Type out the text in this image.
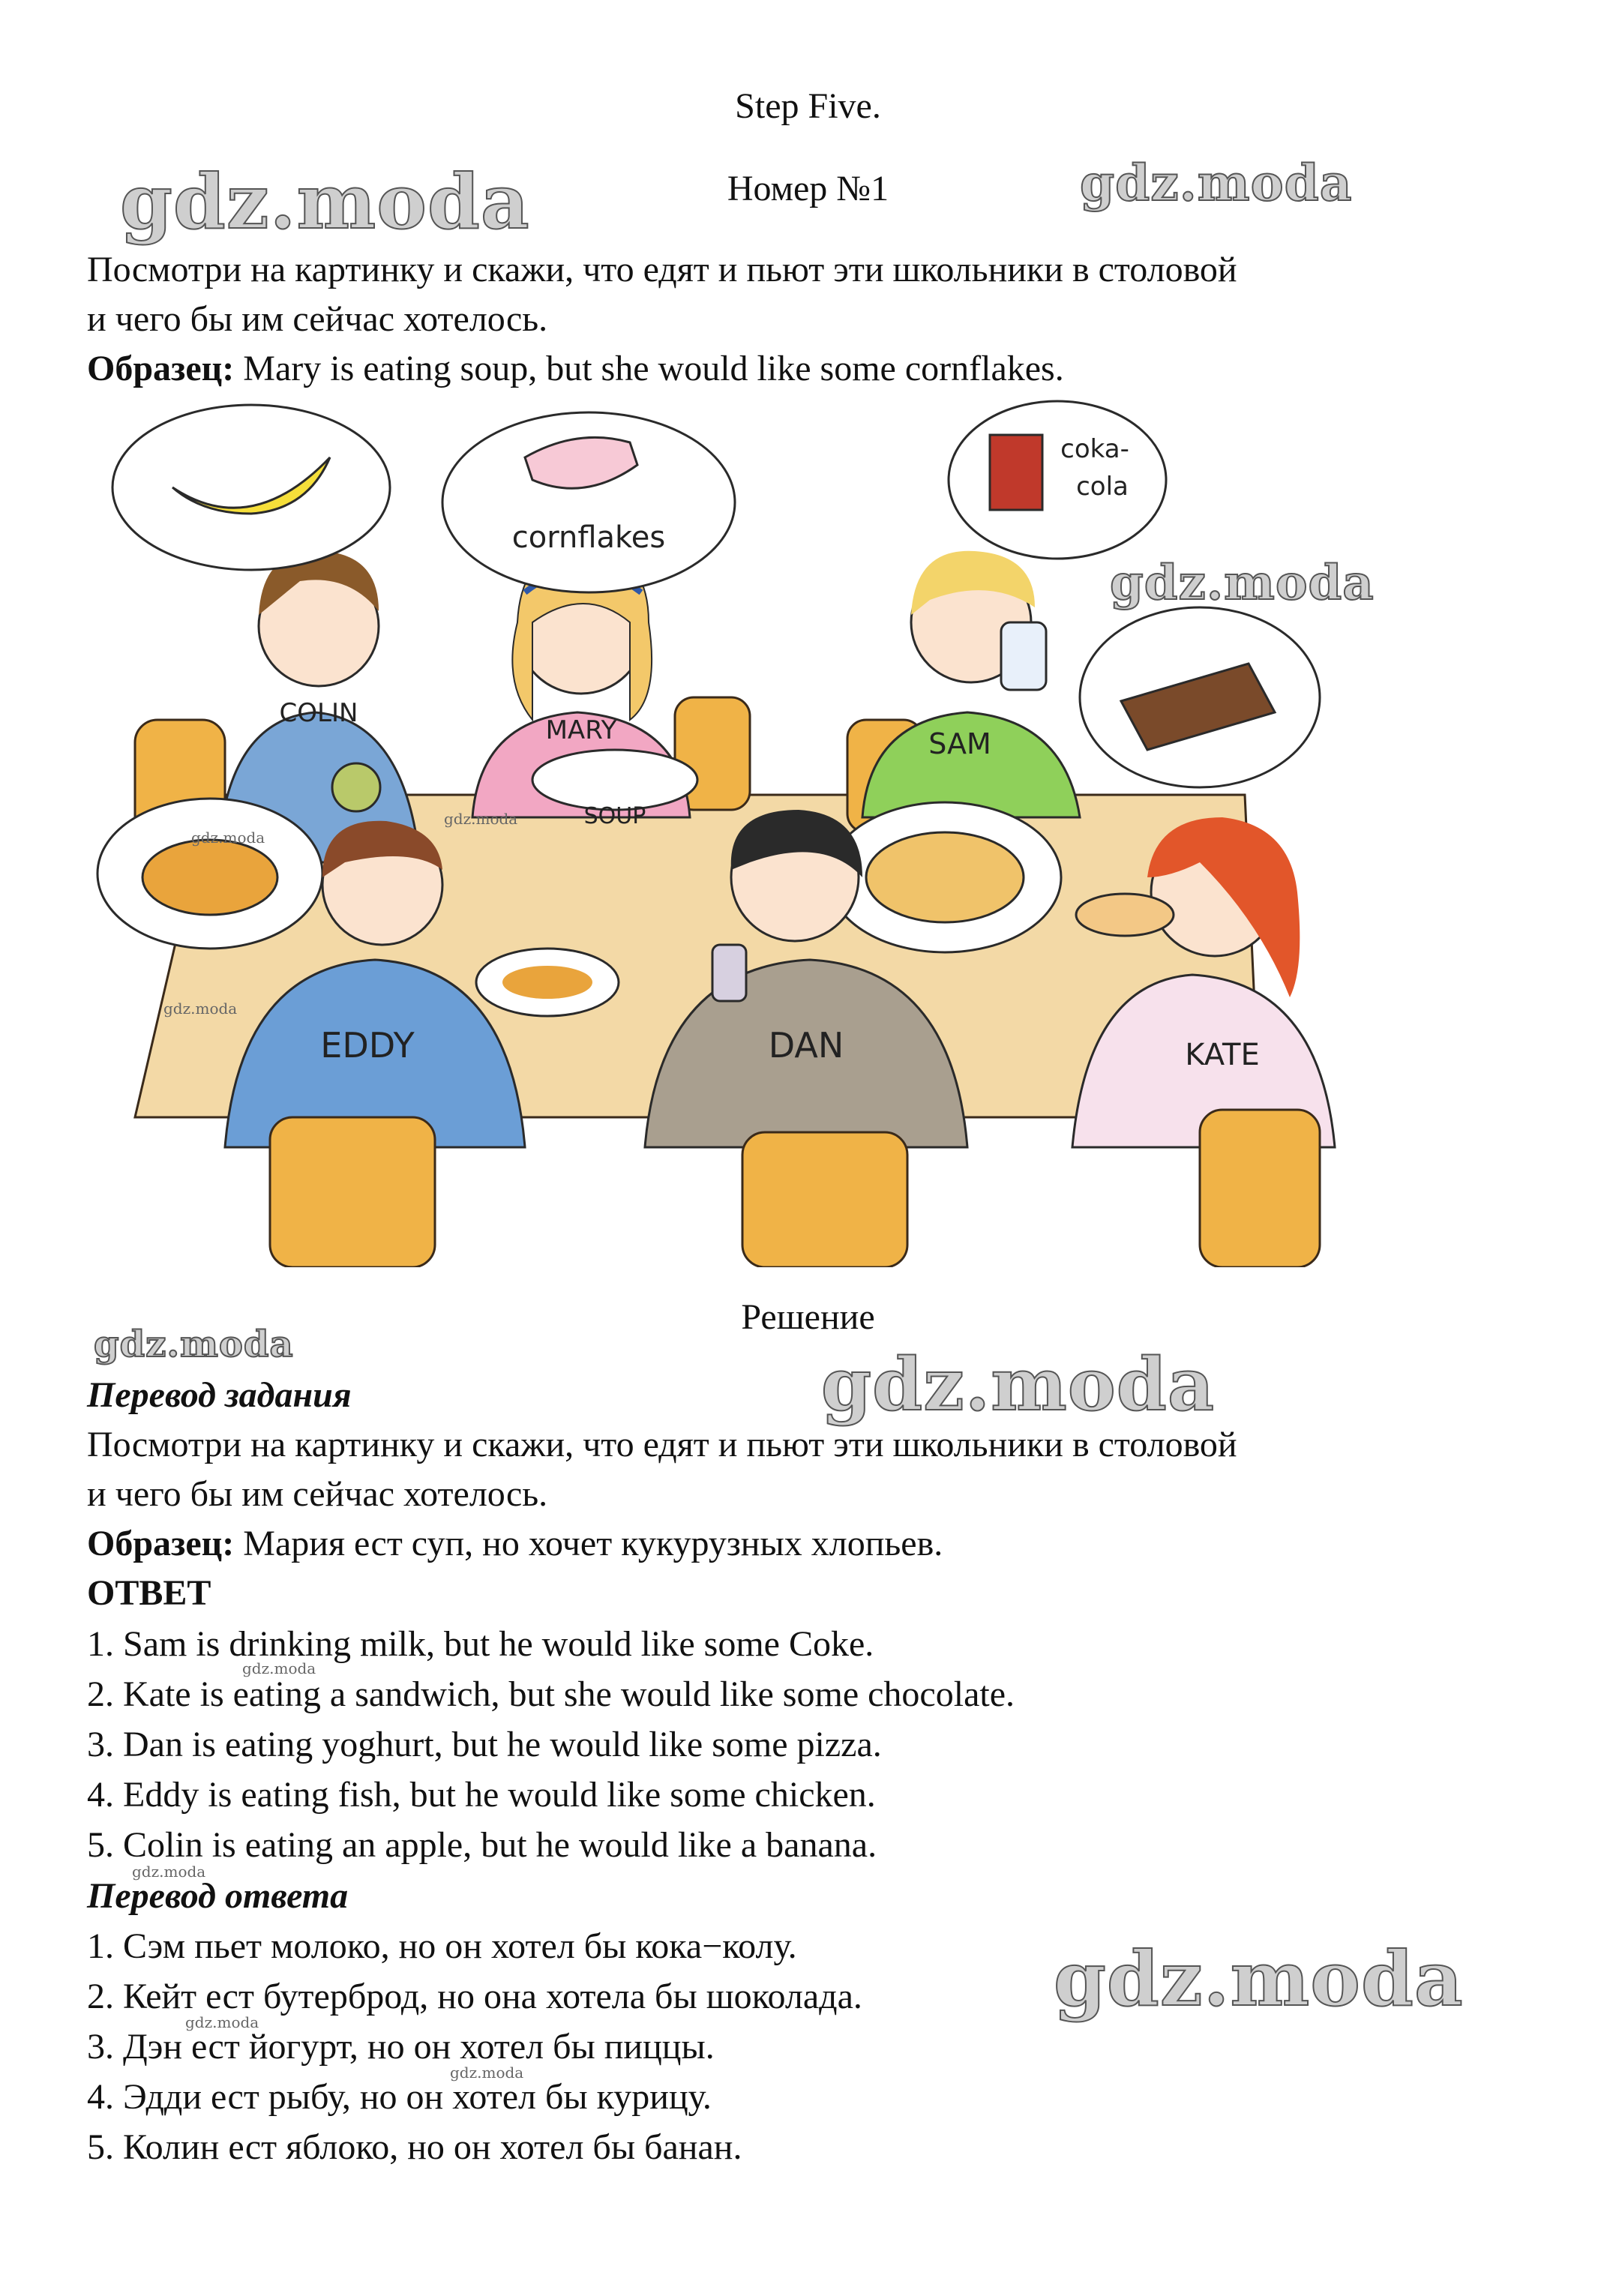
Step Five.
Номер №1
Посмотри на картинку и скажи, что едят и пьют эти школьники в столовой
и чего бы им сейчас хотелось.
Образец: Mary is eating soup, but she would like some cornflakes.
COLIN
MARY
SOUP
SAM
cornflakes
coka-
cola
EDDY	DAN	KATE
Решение
Перевод задания
Посмотри на картинку и скажи, что едят и пьют эти школьники в столовой
и чего бы им сейчас хотелось.
Образец: Мария ест суп, но хочет кукурузных хлопьев.
ОТВЕТ
1. Sam is drinking milk, but he would like some Coke.
2. Kate is eating a sandwich, but she would like some chocolate.
3. Dan is eating yoghurt, but he would like some pizza.
4. Eddy is eating fish, but he would like some chicken.
5. Colin is eating an apple, but he would like a banana.
Перевод ответа
1. Сэм пьет молоко, но он хотел бы кока−колу.
2. Кейт ест бутерброд, но она хотела бы шоколада.
3. Дэн ест йогурт, но он хотел бы пиццы.
4. Эдди ест рыбу, но он хотел бы курицу.
5. Колин ест яблоко, но он хотел бы банан.
gdz.moda	gdz.moda
gdz.moda
gdz.moda	gdz.moda
gdz.moda
gdz.moda
gdz.moda
gdz.moda
gdz.moda
gdz.moda
gdz.moda
gdz.moda
